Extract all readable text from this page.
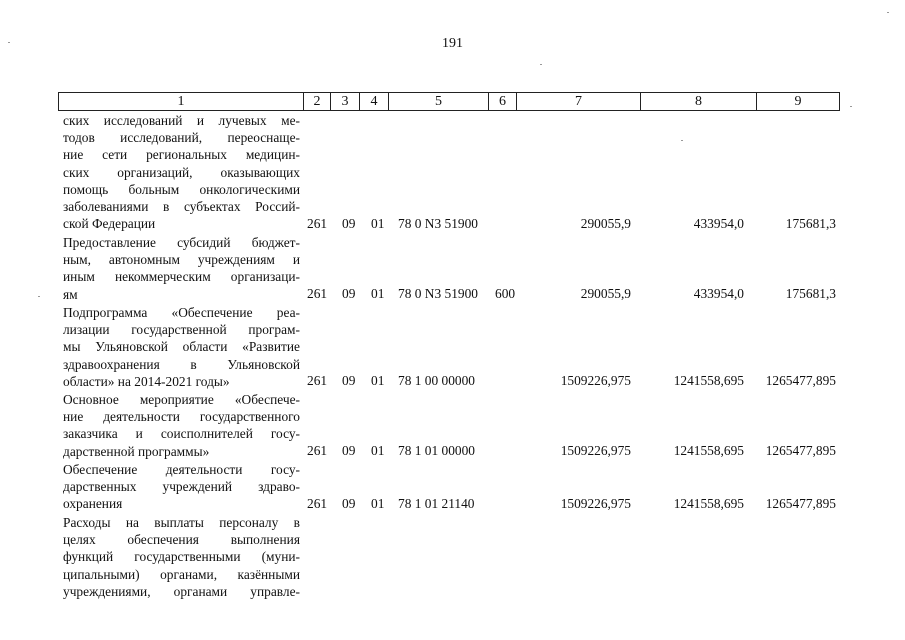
191
1	2	3	4	5	6	7	8	9
ских исследований и лучевых ме-
тодов исследований, переоснаще-
ние сети региональных медицин-
ских организаций, оказывающих
помощь больным онкологическими
заболеваниями в субъектах Россий-
ской Федерации	261 09 01 78 0 N3 51900	290055,9	433954,0	175681,3
Предоставление субсидий бюджет-
ным, автономным учреждениям и
иным некоммерческим организаци-
ям	261 09 01 78 0 N3 51900 600	290055,9	433954,0	175681,3
Подпрограмма «Обеспечение реа-
лизации государственной програм-
мы Ульяновской области «Развитие
здравоохранения в Ульяновской
области» на 2014-2021 годы»	261 09 01 78 1 00 00000	1509226,975	1241558,695 1265477,895
Основное мероприятие «Обеспече-
ние деятельности государственного
заказчика и соисполнителей госу-
дарственной программы»	261 09 01 78 1 01 00000	1509226,975	1241558,695 1265477,895
Обеспечение деятельности госу-
дарственных учреждений здраво-
охранения	261 09 01 78 1 01 21140	1509226,975	1241558,695 1265477,895
Расходы на выплаты персоналу в
целях обеспечения выполнения
функций государственными (муни-
ципальными) органами, казёнными
учреждениями, органами управле-
